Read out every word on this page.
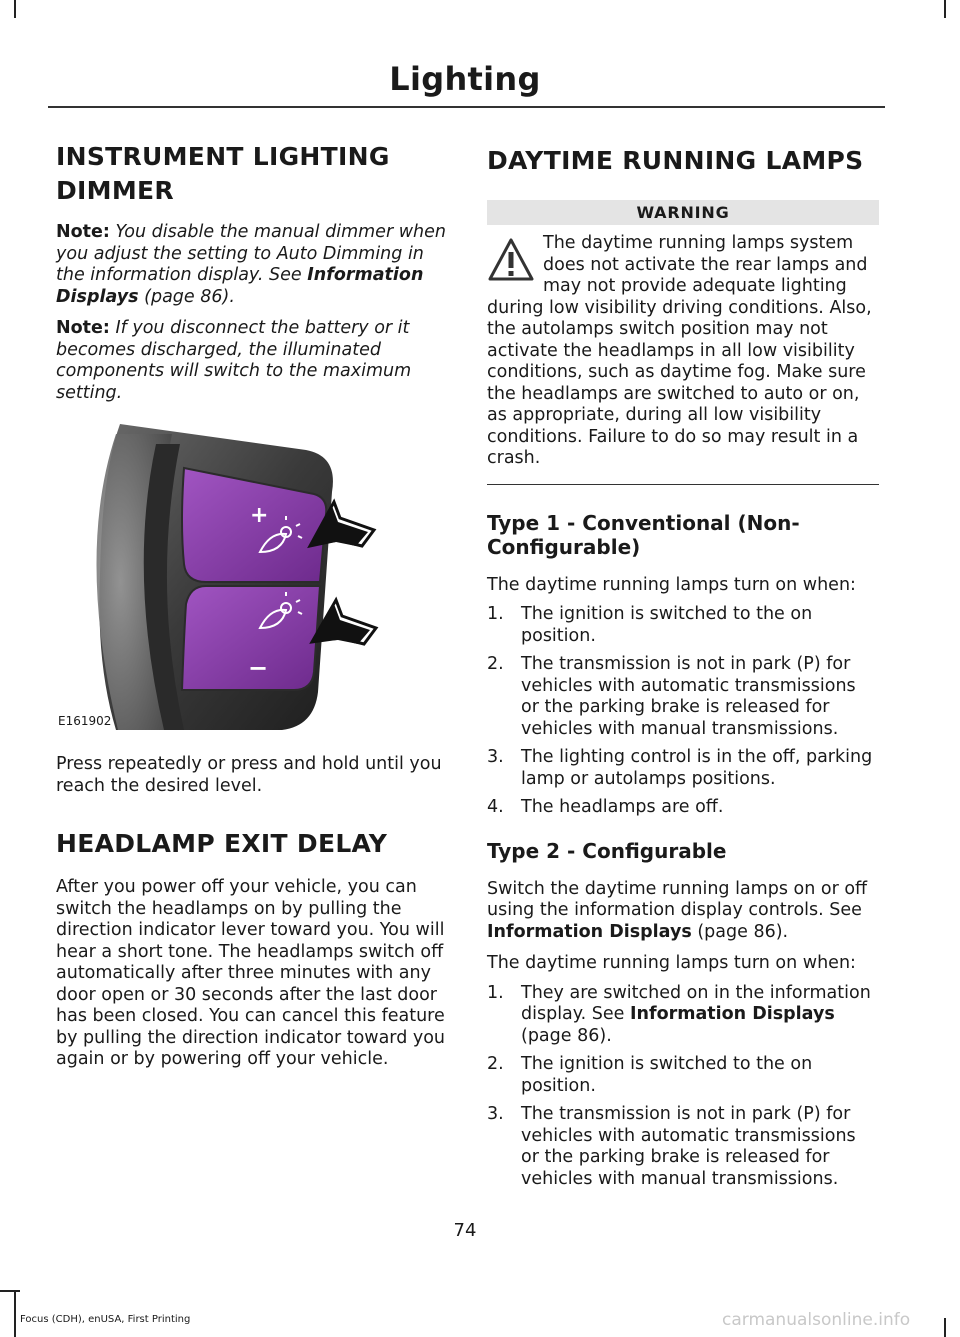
Lighting
INSTRUMENT LIGHTING
DIMMER

Note: You disable the manual dimmer when you adjust the setting to Auto Dimming in the information display. See Information Displays (page 86).

Note: If you disconnect the battery or it becomes discharged, the illuminated components will switch to the maximum setting.

+
−
E161902

Press repeatedly or press and hold until you reach the desired level.

HEADLAMP EXIT DELAY

After you power off your vehicle, you can switch the headlamps on by pulling the direction indicator lever toward you. You will hear a short tone. The headlamps switch off automatically after three minutes with any door open or 30 seconds after the last door has been closed. You can cancel this feature by pulling the direction indicator toward you again or by powering off your vehicle.

DAYTIME RUNNING LAMPS
WARNING

The daytime running lamps system does not activate the rear lamps and may not provide adequate lighting during low visibility driving conditions. Also, the autolamps switch position may not activate the headlamps in all low visibility conditions, such as daytime fog. Make sure the headlamps are switched to auto or on, as appropriate, during all low visibility conditions. Failure to do so may result in a crash.

Type 1 - Conventional (Non-Configurable)

The daytime running lamps turn on when:

1. The ignition is switched to the on position.
2. The transmission is not in park (P) for vehicles with automatic transmissions or the parking brake is released for vehicles with manual transmissions.
3. The lighting control is in the off, parking lamp or autolamps positions.
4. The headlamps are off.
Type 2 - Configurable

Switch the daytime running lamps on or off using the information display controls. See Information Displays (page 86).

The daytime running lamps turn on when:

1. They are switched on in the information display. See Information Displays (page 86).
2. The ignition is switched to the on position.
3. The transmission is not in park (P) for vehicles with automatic transmissions or the parking brake is released for vehicles with manual transmissions.
74
Focus (CDH), enUSA, First Printing	carmanualsonline.info
